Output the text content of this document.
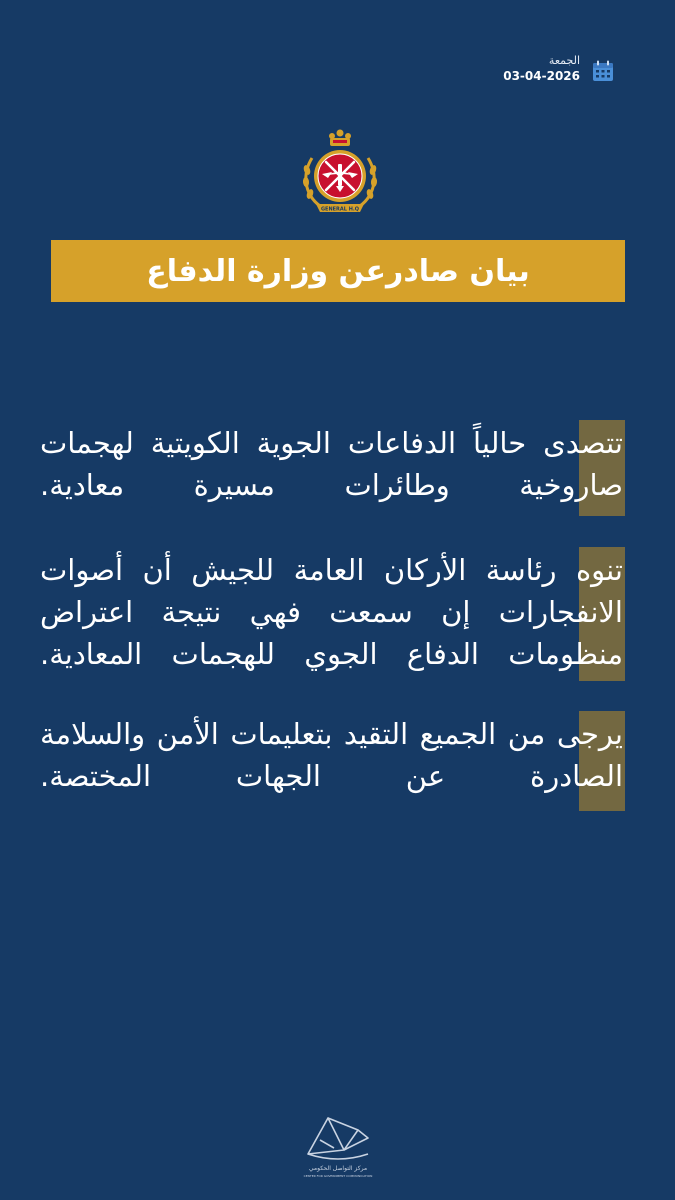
الجمعة
03-04-2026
GENERAL H.Q
بيان صادرعن وزارة الدفاع
تتصدى حالياً الدفاعات الجوية الكويتية لهجمات صاروخية وطائرات مسيرة معادية.
تنوه رئاسة الأركان العامة للجيش أن أصوات الانفجارات إن سمعت فهي نتيجة اعتراض منظومات الدفاع الجوي للهجمات المعادية.
يرجى من الجميع التقيد بتعليمات الأمن والسلامة الصادرة عن الجهات المختصة.
مركز التواصل الحكومي
CENTER FOR GOVERNMENT COMMUNICATION
